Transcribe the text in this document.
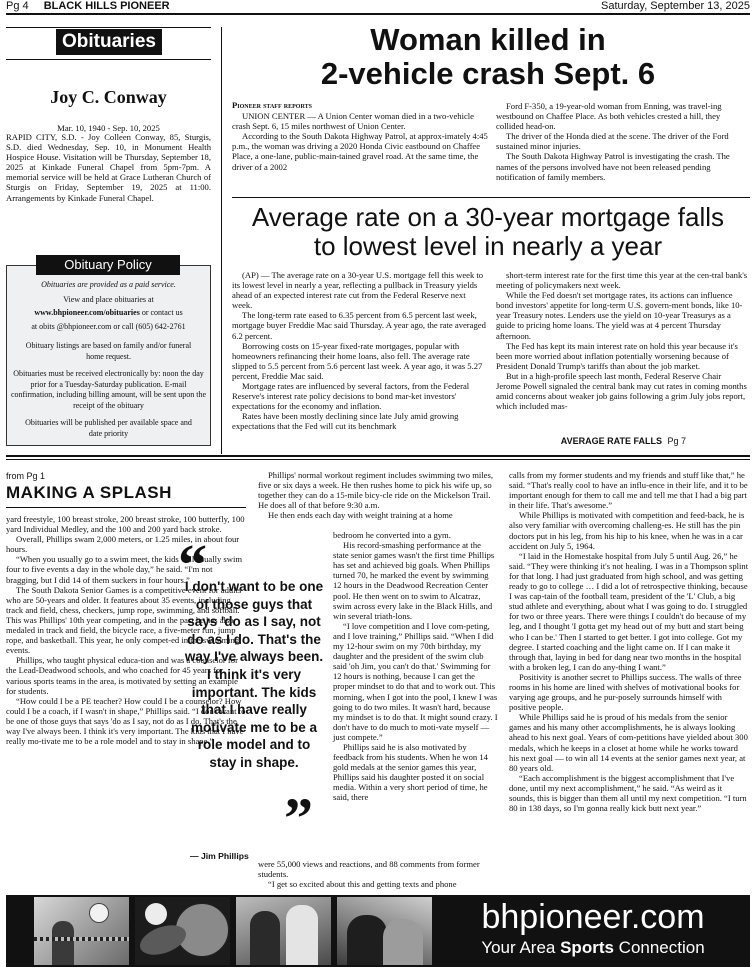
Pg 4 BLACK HILLS PIONEER	Saturday, September 13, 2025
Obituaries
Joy C. Conway
Mar. 10, 1940 - Sep. 10, 2025
RAPID CITY, S.D. - Joy Colleen Conway, 85, Sturgis, S.D. died Wednesday, Sep. 10, in Monument Health Hospice House. Visitation will be Thursday, September 18, 2025 at Kinkade Funeral Chapel from 5pm-7pm. A memorial service will be held at Grace Lutheran Church of Sturgis on Friday, September 19, 2025 at 11:00. Arrangements by Kinkade Funeral Chapel.
Obituary Policy

Obituaries are provided as a paid service.

View and place obituaries at

www.bhpioneer.com/obituaries or contact us

at obits @bhpioneer.com or call (605) 642-2761

Obituary listings are based on family and/or funeral home request.

Obituaries must be received electronically by: noon the day prior for a Tuesday-Saturday publication. E-mail confirmation, including billing amount, will be sent upon the receipt of the obituary

Obituaries will be published per available space and date priority

Woman killed in
2-vehicle crash Sept. 6

Pioneer staff reports

UNION CENTER — A Union Center woman died in a two-vehicle crash Sept. 6, 15 miles northwest of Union Center.

According to the South Dakota Highway Patrol, at approx-imately 4:45 p.m., the woman was driving a 2020 Honda Civic eastbound on Chaffee Place, a one-lane, public-main-tained gravel road. At the same time, the driver of a 2002

Ford F-350, a 19-year-old woman from Enning, was travel-ing westbound on Chaffee Place. As both vehicles crested a hill, they collided head-on.

The driver of the Honda died at the scene. The driver of the Ford sustained minor injuries.

The South Dakota Highway Patrol is investigating the crash. The names of the persons involved have not been released pending notification of family members.

Average rate on a 30-year mortgage falls
to lowest level in nearly a year

(AP) — The average rate on a 30-year U.S. mortgage fell this week to its lowest level in nearly a year, reflecting a pullback in Treasury yields ahead of an expected interest rate cut from the Federal Reserve next week.

The long-term rate eased to 6.35 percent from 6.5 percent last week, mortgage buyer Freddie Mac said Thursday. A year ago, the rate averaged 6.2 percent.

Borrowing costs on 15-year fixed-rate mortgages, popular with homeowners refinancing their home loans, also fell. The average rate slipped to 5.5 percent from 5.6 percent last week. A year ago, it was 5.27 percent, Freddie Mac said.

Mortgage rates are influenced by several factors, from the Federal Reserve's interest rate policy decisions to bond mar-ket investors' expectations for the economy and inflation.

Rates have been mostly declining since late July amid growing expectations that the Fed will cut its benchmark

short-term interest rate for the first time this year at the cen-tral bank's meeting of policymakers next week.

While the Fed doesn't set mortgage rates, its actions can influence bond investors' appetite for long-term U.S. govern-ment bonds, like 10-year Treasury notes. Lenders use the yield on 10-year Treasurys as a guide to pricing home loans. The yield was at 4 percent Thursday afternoon.

The Fed has kept its main interest rate on hold this year because it's been more worried about inflation potentially worsening because of President Donald Trump's tariffs than about the job market.

But in a high-profile speech last month, Federal Reserve Chair Jerome Powell signaled the central bank may cut rates in coming months amid concerns about weaker job gains following a grim July jobs report, which included mas-

AVERAGE RATE FALLS Pg 7
from Pg 1
MAKING A SPLASH

yard freestyle, 100 breast stroke, 200 breast stroke, 100 butterfly, 100 yard Individual Medley, and the 100 and 200 yard back stroke.

Overall, Phillips swam 2,000 meters, or 1.25 miles, in about four hours.

“When you usually go to a swim meet, the kids will usually swim four to five events a day in the whole day,” he said. “I'm not bragging, but I did 14 of them suckers in four hours.”

The South Dakota Senior Games is a competitive event for adults who are 50-years and older. It features about 35 events, including track and field, chess, checkers, jump rope, swimming, and softball. This was Phillips' 10th year competing, and in the past he has also medaled in track and field, the bicycle race, a five-meter run, jump rope, and basketball. This year, he only compet-ed in the swimming events.

Phillips, who taught physical educa-tion and was a counselor for the Lead-Deadwood schools, and who coached for 45 years for various sports teams in the area, is motivated by setting an example for students.

“How could I be a PE teacher? How could I be a counselor? How could I be a coach, if I wasn't in shape,” Phillips said. “I don't want to be one of those guys that says 'do as I say, not do as I do. That's the way I've always been. I think it's very important. The kids that I have really mo-tivate me to be a role model and to stay in shape.”

“
I don't want to be one of those guys that says 'do as I say, not do as I do. That's the way I've always been. I think it's very important. The kids that I have really motivate me to be a role model and to stay in shape.
”
— Jim Phillips

Phillips' normal workout regiment includes swimming two miles, five or six days a week. He then rushes home to pick his wife up, so together they can do a 15-mile bicy-cle ride on the Mickelson Trail. He does all of that before 9:30 a.m.

He then ends each day with weight training at a home

bedroom he converted into a gym.

His record-smashing performance at the state senior games wasn't the first time Phillips has set and achieved big goals. When Phillips turned 70, he marked the event by swimming 12 hours in the Deadwood Recreation Center pool. He then went on to swim to Alcatraz, swim across every lake in the Black Hills, and win several triath-lons.

“I love competition and I love com-peting, and I love training,” Phillips said. “When I did my 12-hour swim on my 70th birthday, my daughter and the president of the swim club said 'oh Jim, you can't do that.' Swimming for 12 hours is nothing, because I can get the proper mindset to do that and to work out. This morning, when I got into the pool, I knew I was going to do two miles. It wasn't hard, because my mindset is to do that. It might sound crazy. I don't have to do much to moti-vate myself — just compete.”

Phillips said he is also motivated by feedback from his students. When he won 14 gold medals at the senior games this year, Phillips said his daughter posted it on social media. Within a very short period of time, he said, there

were 55,000 views and reactions, and 88 comments from former students.

“I get so excited about this and getting texts and phone

calls from my former students and my friends and stuff like that,” he said. “That's really cool to have an influ-ence in their life, and it to be important enough for them to call me and tell me that I had a big part in their life. That's awesome.”

While Phillips is motivated with competition and feed-back, he is also very familiar with overcoming challeng-es. He still has the pin doctors put in his leg, from his hip to his knee, when he was in a car accident on July 5, 1964.

“I laid in the Homestake hospital from July 5 until Aug. 26,” he said. “They were thinking it's not healing. I was in a Thompson splint for that long. I had just graduated from high school, and was getting ready to go to college … I did a lot of retrospective thinking, because I was cap-tain of the football team, president of the 'L' Club, a big stud athlete and everything, about what I was going to do. I struggled for two or three years. There were things I couldn't do because of my leg, and I thought 'I gotta get my head out of my butt and start being who I can be.' Then I started to get better. I got into college. Got my degree. I started coaching and the light came on. If I can make it through that, laying in bed for dang near two months in the hospital with a broken leg, I can do any-thing I want.”

Positivity is another secret to Phillips success. The walls of three rooms in his home are lined with shelves of motivational books for varying age groups, and he pur-posely surrounds himself with positive people.

While Phillips said he is proud of his medals from the senior games and his many other accomplishments, he is always looking ahead to his next goal. Years of com-petitions have yielded about 300 medals, which he keeps in a closet at home while he works toward his next goal — to win all 14 events at the senior games next year, at 80 years old.

“Each accomplishment is the biggest accomplishment that I've done, until my next accomplishment,” he said. “As weird as it sounds, this is bigger than them all until my next competition. “I turn 80 in 138 days, so I'm gonna really kick butt next year.”

bhpioneer.com
Your Area Sports Connection
